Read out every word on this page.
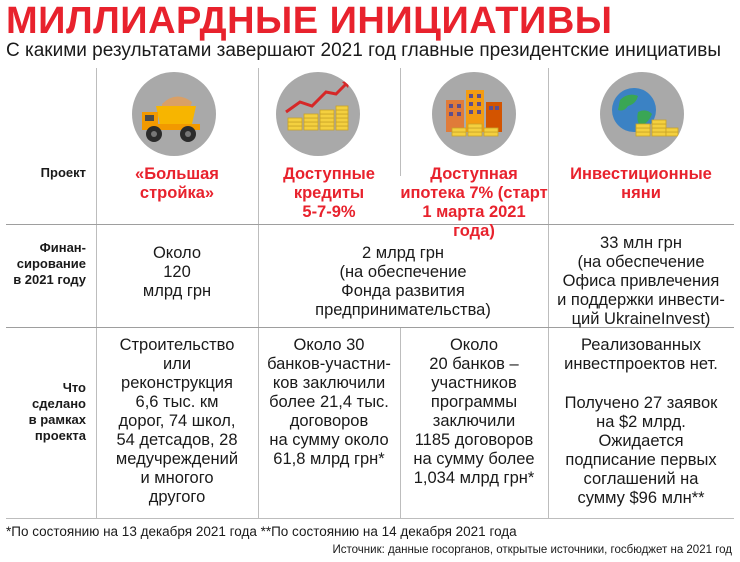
МИЛЛИАРДНЫЕ ИНИЦИАТИВЫ
С какими результатами завершают 2021 год главные президентские инициативы
Проект
Финан-
сирование
в 2021 году
Что
сделано
в рамках
проекта
«Большая
стройка»
Доступные
кредиты
5-7-9%
Доступная
ипотека 7% (старт
1 марта 2021 года)
Инвестиционные
няни
Около
120
млрд грн
2 млрд грн
(на обеспечение
Фонда развития
предпринимательства)
33 млн грн
(на обеспечение
Офиса привлечения
и поддержки инвести-
ций UkraineInvest)
Строительство
или
реконструкция
6,6 тыс. км
дорог, 74 школ,
54 детсадов, 28
медучреждений
и многого
другого
Около 30
банков-участни-
ков заключили
более 21,4 тыс.
договоров
на сумму около
61,8 млрд грн*
Около
20 банков –
участников
программы
заключили
1185 договоров
на сумму более
1,034 млрд грн*
Реализованных
инвестпроектов нет.
Получено 27 заявок
на $2 млрд.
Ожидается
подписание первых
соглашений на
сумму $96 млн**
*По состоянию на 13 декабря 2021 года **По состоянию на 14 декабря 2021 года
Источник: данные госорганов, открытые источники, госбюджет на 2021 год
